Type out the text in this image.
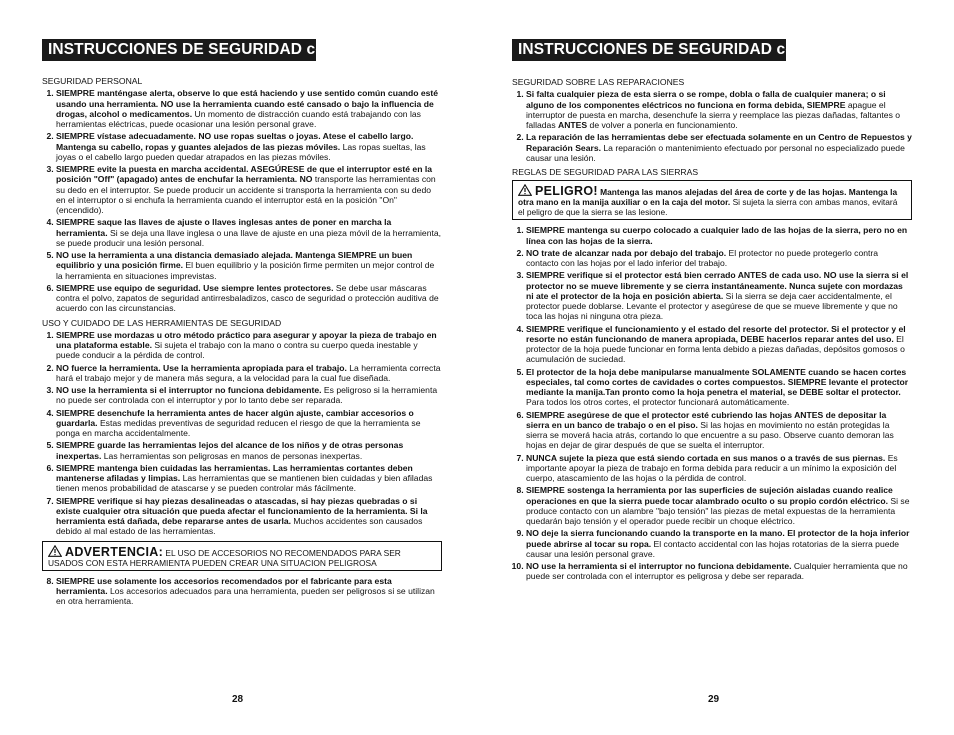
INSTRUCCIONES DE SEGURIDAD cont.
SEGURIDAD PERSONAL
1. SIEMPRE manténgase alerta, observe lo que está haciendo y use sentido común cuando esté usando una herramienta. NO use la herramienta cuando esté cansado o bajo la influencia de drogas, alcohol o medicamentos. Un momento de distracción cuando está trabajando con las herramientas eléctricas, puede ocasionar una lesión personal grave.
2. SIEMPRE vístase adecuadamente. NO use ropas sueltas o joyas. Atese el cabello largo. Mantenga su cabello, ropas y guantes alejados de las piezas móviles. Las ropas sueltas, las joyas o el cabello largo pueden quedar atrapados en las piezas móviles.
3. SIEMPRE evite la puesta en marcha accidental. ASEGÚRESE de que el interruptor esté en la posición "Off" (apagado) antes de enchufar la herramienta. NO transporte las herramientas con su dedo en el interruptor. Se puede producir un accidente si transporta la herramienta con su dedo en el interruptor o si enchufa la herramienta cuando el interruptor está en la posición "On" (encendido).
4. SIEMPRE saque las llaves de ajuste o llaves inglesas antes de poner en marcha la herramienta. Si se deja una llave inglesa o una llave de ajuste en una pieza móvil de la herramienta, se puede producir una lesión personal.
5. NO use la herramienta a una distancia demasiado alejada. Mantenga SIEMPRE un buen equilibrio y una posición firme. El buen equilibrio y la posición firme permiten un mejor control de la herramienta en situaciones imprevistas.
6. SIEMPRE use equipo de seguridad. Use siempre lentes protectores. Se debe usar máscaras contra el polvo, zapatos de seguridad antirresbaladizos, casco de seguridad o protección auditiva de acuerdo con las circunstancias.
USO Y CUIDADO DE LAS HERRAMIENTAS DE SEGURIDAD
1. SIEMPRE use mordazas u otro método práctico para asegurar y apoyar la pieza de trabajo en una plataforma estable. Si sujeta el trabajo con la mano o contra su cuerpo queda inestable y puede conducir a la pérdida de control.
2. NO fuerce la herramienta. Use la herramienta apropiada para el trabajo. La herramienta correcta hará el trabajo mejor y de manera más segura, a la velocidad para la cual fue diseñada.
3. NO use la herramienta si el interruptor no funciona debidamente. Es peligroso si la herramienta no puede ser controlada con el interruptor y por lo tanto debe ser reparada.
4. SIEMPRE desenchufe la herramienta antes de hacer algún ajuste, cambiar accesorios o guardarla. Estas medidas preventivas de seguridad reducen el riesgo de que la herramienta se ponga en marcha accidentalmente.
5. SIEMPRE guarde las herramientas lejos del alcance de los niños y de otras personas inexpertas. Las herramientas son peligrosas en manos de personas inexpertas.
6. SIEMPRE mantenga bien cuidadas las herramientas. Las herramientas cortantes deben mantenerse afiladas y limpias. Las herramientas que se mantienen bien cuidadas y bien afiladas tienen menos probabilidad de atascarse y se pueden controlar más fácilmente.
7. SIEMPRE verifique si hay piezas desalineadas o atascadas, si hay piezas quebradas o si existe cualquier otra situación que pueda afectar el funcionamiento de la herramienta. Si la herramienta está dañada, debe repararse antes de usarla. Muchos accidentes son causados debido al mal estado de las herramientas.
ADVERTENCIA: EL USO DE ACCESORIOS NO RECOMENDADOS PARA SER USADOS CON ESTA HERRAMIENTA PUEDEN CREAR UNA SITUACION PELIGROSA
8. SIEMPRE use solamente los accesorios recomendados por el fabricante para esta herramienta. Los accesorios adecuados para una herramienta, pueden ser peligrosos si se utilizan en otra herramienta.
28
INSTRUCCIONES DE SEGURIDAD cont.
SEGURIDAD SOBRE LAS REPARACIONES
1. Si falta cualquier pieza de esta sierra o se rompe, dobla o falla de cualquier manera; o si alguno de los componentes eléctricos no funciona en forma debida, SIEMPRE apague el interruptor de puesta en marcha, desenchufe la sierra y reemplace las piezas dañadas, faltantes o falladas ANTES de volver a ponerla en funcionamiento.
2. La reparación de las herramientas debe ser efectuada solamente en un Centro de Repuestos y Reparación Sears. La reparación o mantenimiento efectuado por personal no especializado puede causar una lesión.
REGLAS DE SEGURIDAD PARA LAS SIERRAS
PELIGRO! Mantenga las manos alejadas del área de corte y de las hojas. Mantenga la otra mano en la manija auxiliar o en la caja del motor. Si sujeta la sierra con ambas manos, evitará el peligro de que la sierra se las lesione.
1. SIEMPRE mantenga su cuerpo colocado a cualquier lado de las hojas de la sierra, pero no en línea con las hojas de la sierra.
2. NO trate de alcanzar nada por debajo del trabajo. El protector no puede protegerlo contra contacto con las hojas por el lado inferior del trabajo.
3. SIEMPRE verifique si el protector está bien cerrado ANTES de cada uso. NO use la sierra si el protector no se mueve libremente y se cierra instantáneamente. Nunca sujete con mordazas ni ate el protector de la hoja en posición abierta. Si la sierra se deja caer accidentalmente, el protector puede doblarse. Levante el protector y asegúrese de que se mueve libremente y que no toca las hojas ni ninguna otra pieza.
4. SIEMPRE verifique el funcionamiento y el estado del resorte del protector. Si el protector y el resorte no están funcionando de manera apropiada, DEBE hacerlos reparar antes del uso. El protector de la hoja puede funcionar en forma lenta debido a piezas dañadas, depósitos gomosos o acumulación de suciedad.
5. El protector de la hoja debe manipularse manualmente SOLAMENTE cuando se hacen cortes especiales, tal como cortes de cavidades o cortes compuestos. SIEMPRE levante el protector mediante la manija.Tan pronto como la hoja penetra el material, se DEBE soltar el protector. Para todos los otros cortes, el protector funcionará automáticamente.
6. SIEMPRE asegúrese de que el protector esté cubriendo las hojas ANTES de depositar la sierra en un banco de trabajo o en el piso. Si las hojas en movimiento no están protegidas la sierra se moverá hacia atrás, cortando lo que encuentre a su paso. Observe cuanto demoran las hojas en dejar de girar después de que se suelta el interruptor.
7. NUNCA sujete la pieza que está siendo cortada en sus manos o a través de sus piernas. Es importante apoyar la pieza de trabajo en forma debida para reducir a un mínimo la exposición del cuerpo, atascamiento de las hojas o la pérdida de control.
8. SIEMPRE sostenga la herramienta por las superficies de sujeción aisladas cuando realice operaciones en que la sierra puede tocar alambrado oculto o su propio cordón eléctrico. Si se produce contacto con un alambre "bajo tensión" las piezas de metal expuestas de la herramienta quedarán bajo tensión y el operador puede recibir un choque eléctrico.
9. NO deje la sierra funcionando cuando la transporte en la mano. El protector de la hoja inferior puede abrirse al tocar su ropa. El contacto accidental con las hojas rotatorias de la sierra puede causar una lesión personal grave.
10. NO use la herramienta si el interruptor no funciona debidamente. Cualquier herramienta que no puede ser controlada con el interruptor es peligrosa y debe ser reparada.
29
